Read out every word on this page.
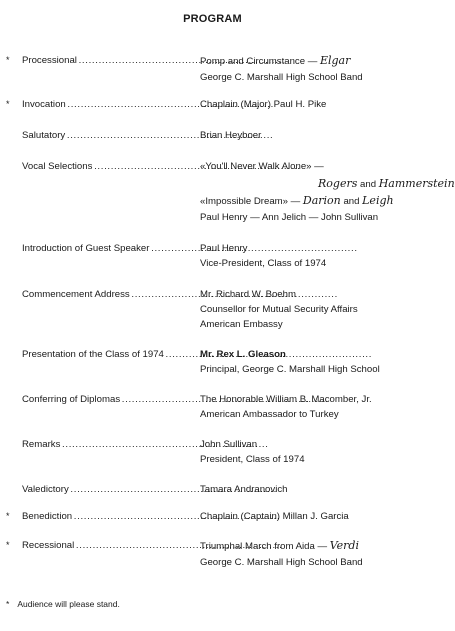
PROGRAM
* Processional . . .	Pomp and Circumstance — Elgar
George C. Marshall High School Band
* Invocation . . .	Chaplain (Major) Paul H. Pike
Salutatory . . .	Brian Heyboer
Vocal Selections . . .	«You'll Never Walk Alone» —
Rogers and Hammerstein
«Impossible Dream» — Darion and Leigh
Paul Henry — Ann Jelich — John Sullivan
Introduction of Guest Speaker . . .	Paul Henry
Vice-President, Class of 1974
Commencement Address . . .	Mr. Richard W. Boehm
Counsellor for Mutual Security Affairs
American Embassy
Presentation of the Class of 1974 . . .	Mr. Rex L. Gleason
Principal, George C. Marshall High School
Conferring of Diplomas . . .	The Honorable William B. Macomber, Jr.
American Ambassador to Turkey
Remarks . . .	John Sullivan
President, Class of 1974
Valedictory . . .	Tamara Andranovich
* Benediction . . .	Chaplain (Captain) Millan J. Garcia
* Recessional . . .	Triumphal March from Aida — Verdi
George C. Marshall High School Band
* Audience will please stand.
